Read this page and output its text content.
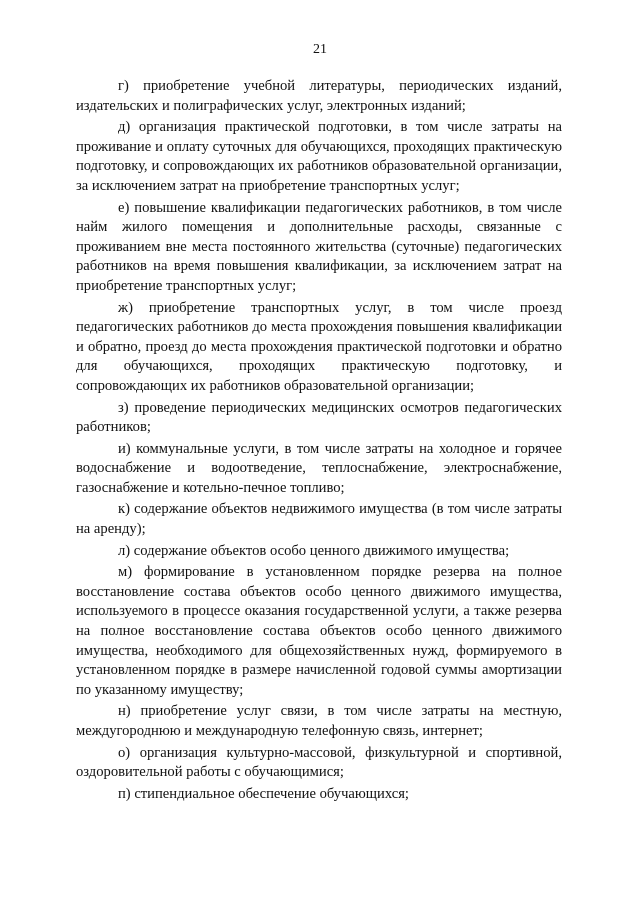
21

г) приобретение учебной литературы, периодических изданий, издательских и полиграфических услуг, электронных изданий;

д) организация практической подготовки, в том числе затраты на проживание и оплату суточных для обучающихся, проходящих практическую подготовку, и сопровождающих их работников образовательной организации, за исключением затрат на приобретение транспортных услуг;

е) повышение квалификации педагогических работников, в том числе найм жилого помещения и дополнительные расходы, связанные с проживанием вне места постоянного жительства (суточные) педагогических работников на время повышения квалификации, за исключением затрат на приобретение транспортных услуг;

ж) приобретение транспортных услуг, в том числе проезд педагогических работников до места прохождения повышения квалификации и обратно, проезд до места прохождения практической подготовки и обратно для обучающихся, проходящих практическую подготовку, и сопровождающих их работников образовательной организации;

з) проведение периодических медицинских осмотров педагогических работников;

и) коммунальные услуги, в том числе затраты на холодное и горячее водоснабжение и водоотведение, теплоснабжение, электроснабжение, газоснабжение и котельно-печное топливо;

к) содержание объектов недвижимого имущества (в том числе затраты на аренду);

л) содержание объектов особо ценного движимого имущества;

м) формирование в установленном порядке резерва на полное восстановление состава объектов особо ценного движимого имущества, используемого в процессе оказания государственной услуги, а также резерва на полное восстановление состава объектов особо ценного движимого имущества, необходимого для общехозяйственных нужд, формируемого в установленном порядке в размере начисленной годовой суммы амортизации по указанному имуществу;

н) приобретение услуг связи, в том числе затраты на местную, междугороднюю и международную телефонную связь, интернет;

о) организация культурно-массовой, физкультурной и спортивной, оздоровительной работы с обучающимися;

п) стипендиальное обеспечение обучающихся;
